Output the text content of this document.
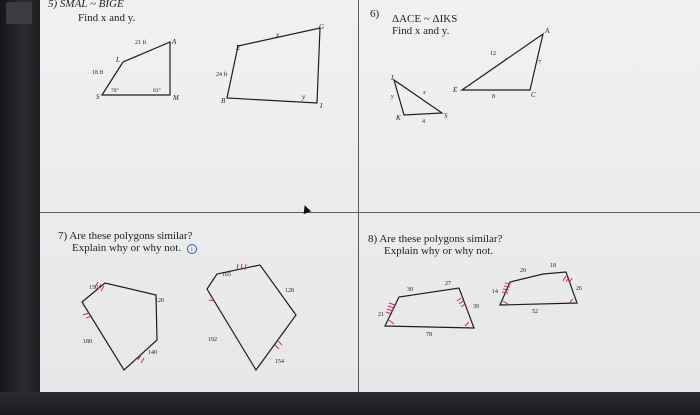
5) SMAL ~ BIGE
Find x and y.
21 ft
18 ft
78°	83°
L
A
M
S
24 ft
x
y
E
G
I
B
6) ΔACE ~ ΔIKS
Find x and y.
I
K	S
y
x
4
A
C
E
12
7
8
7) Are these polygons similar?
Explain why or why not. i
150
120
180
140
165
128
192
154
8) Are these polygons similar?
Explain why or why not.
30
27
39
21
78
20
18
14	26
52
